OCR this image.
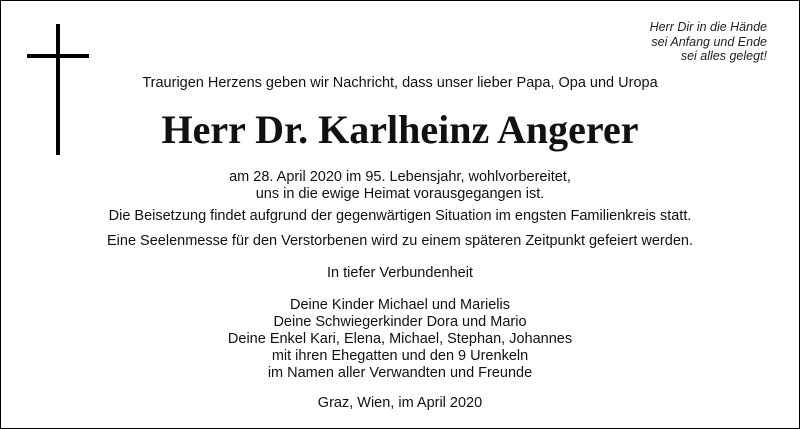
Herr Dir in die Hände
sei Anfang und Ende
sei alles gelegt!
Traurigen Herzens geben wir Nachricht, dass unser lieber Papa, Opa und Uropa
Herr Dr. Karlheinz Angerer
am 28. April 2020 im 95. Lebensjahr, wohlvorbereitet,
uns in die ewige Heimat vorausgegangen ist.
Die Beisetzung findet aufgrund der gegenwärtigen Situation im engsten Familienkreis statt.
Eine Seelenmesse für den Verstorbenen wird zu einem späteren Zeitpunkt gefeiert werden.
In tiefer Verbundenheit
Deine Kinder Michael und Marielis
Deine Schwiegerkinder Dora und Mario
Deine Enkel Kari, Elena, Michael, Stephan, Johannes
mit ihren Ehegatten und den 9 Urenkeln
im Namen aller Verwandten und Freunde
Graz, Wien, im April 2020
